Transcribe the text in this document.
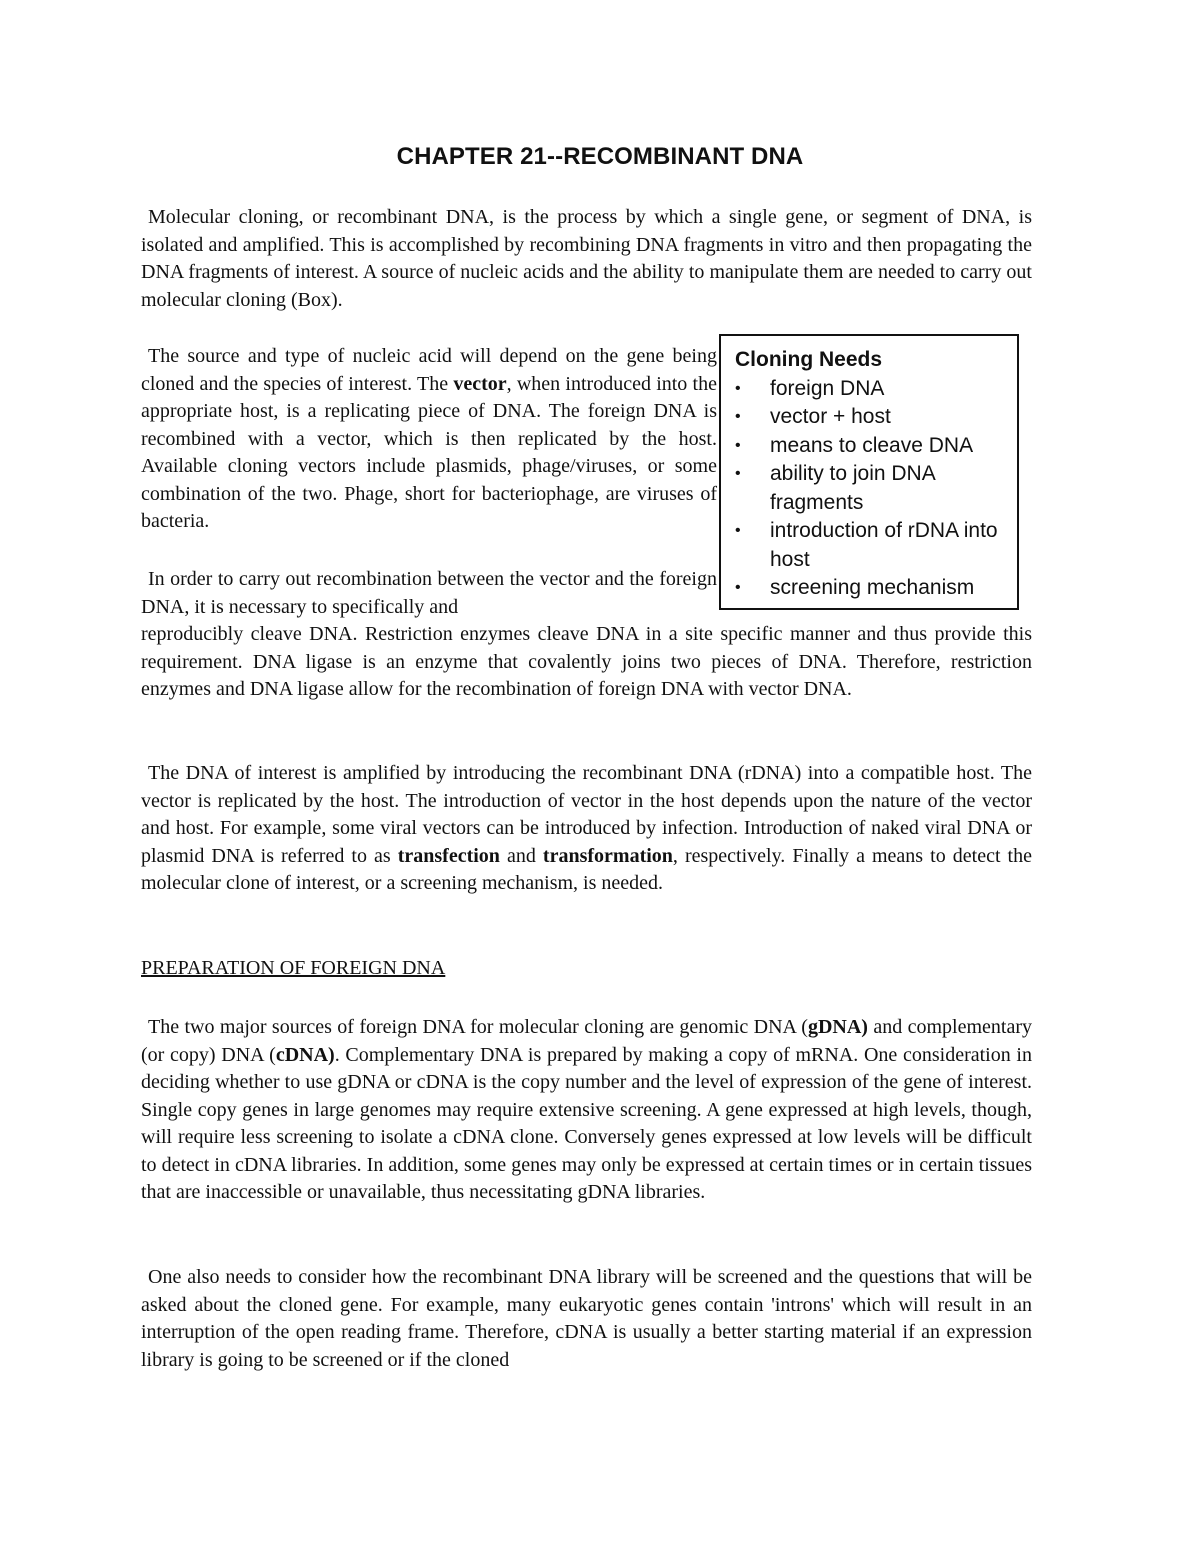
CHAPTER 21--RECOMBINANT DNA

Molecular cloning, or recombinant DNA, is the process by which a single gene, or segment of DNA, is isolated and amplified. This is accomplished by recombining DNA fragments in vitro and then propagating the DNA fragments of interest. A source of nucleic acids and the ability to manipulate them are needed to carry out molecular cloning (Box).

The source and type of nucleic acid will depend on the gene being cloned and the species of interest. The vector, when introduced into the appropriate host, is a replicating piece of DNA. The foreign DNA is recombined with a vector, which is then replicated by the host. Available cloning vectors include plasmids, phage/viruses, or some combination of the two. Phage, short for bacteriophage, are viruses of bacteria.

In order to carry out recombination between the vector and the foreign DNA, it is necessary to specifically and

reproducibly cleave DNA. Restriction enzymes cleave DNA in a site specific manner and thus provide this requirement. DNA ligase is an enzyme that covalently joins two pieces of DNA. Therefore, restriction enzymes and DNA ligase allow for the recombination of foreign DNA with vector DNA.

The DNA of interest is amplified by introducing the recombinant DNA (rDNA) into a compatible host. The vector is replicated by the host. The introduction of vector in the host depends upon the nature of the vector and host. For example, some viral vectors can be introduced by infection. Introduction of naked viral DNA or plasmid DNA is referred to as transfection and transformation, respectively. Finally a means to detect the molecular clone of interest, or a screening mechanism, is needed.

PREPARATION OF FOREIGN DNA

The two major sources of foreign DNA for molecular cloning are genomic DNA (gDNA) and complementary (or copy) DNA (cDNA). Complementary DNA is prepared by making a copy of mRNA. One consideration in deciding whether to use gDNA or cDNA is the copy number and the level of expression of the gene of interest. Single copy genes in large genomes may require extensive screening. A gene expressed at high levels, though, will require less screening to isolate a cDNA clone. Conversely genes expressed at low levels will be difficult to detect in cDNA libraries. In addition, some genes may only be expressed at certain times or in certain tissues that are inaccessible or unavailable, thus necessitating gDNA libraries.

One also needs to consider how the recombinant DNA library will be screened and the questions that will be asked about the cloned gene. For example, many eukaryotic genes contain 'introns' which will result in an interruption of the open reading frame. Therefore, cDNA is usually a better starting material if an expression library is going to be screened or if the cloned

Cloning Needs
• foreign DNA
• vector + host
• means to cleave DNA
• ability to join DNA fragments
• introduction of rDNA into host
• screening mechanism
